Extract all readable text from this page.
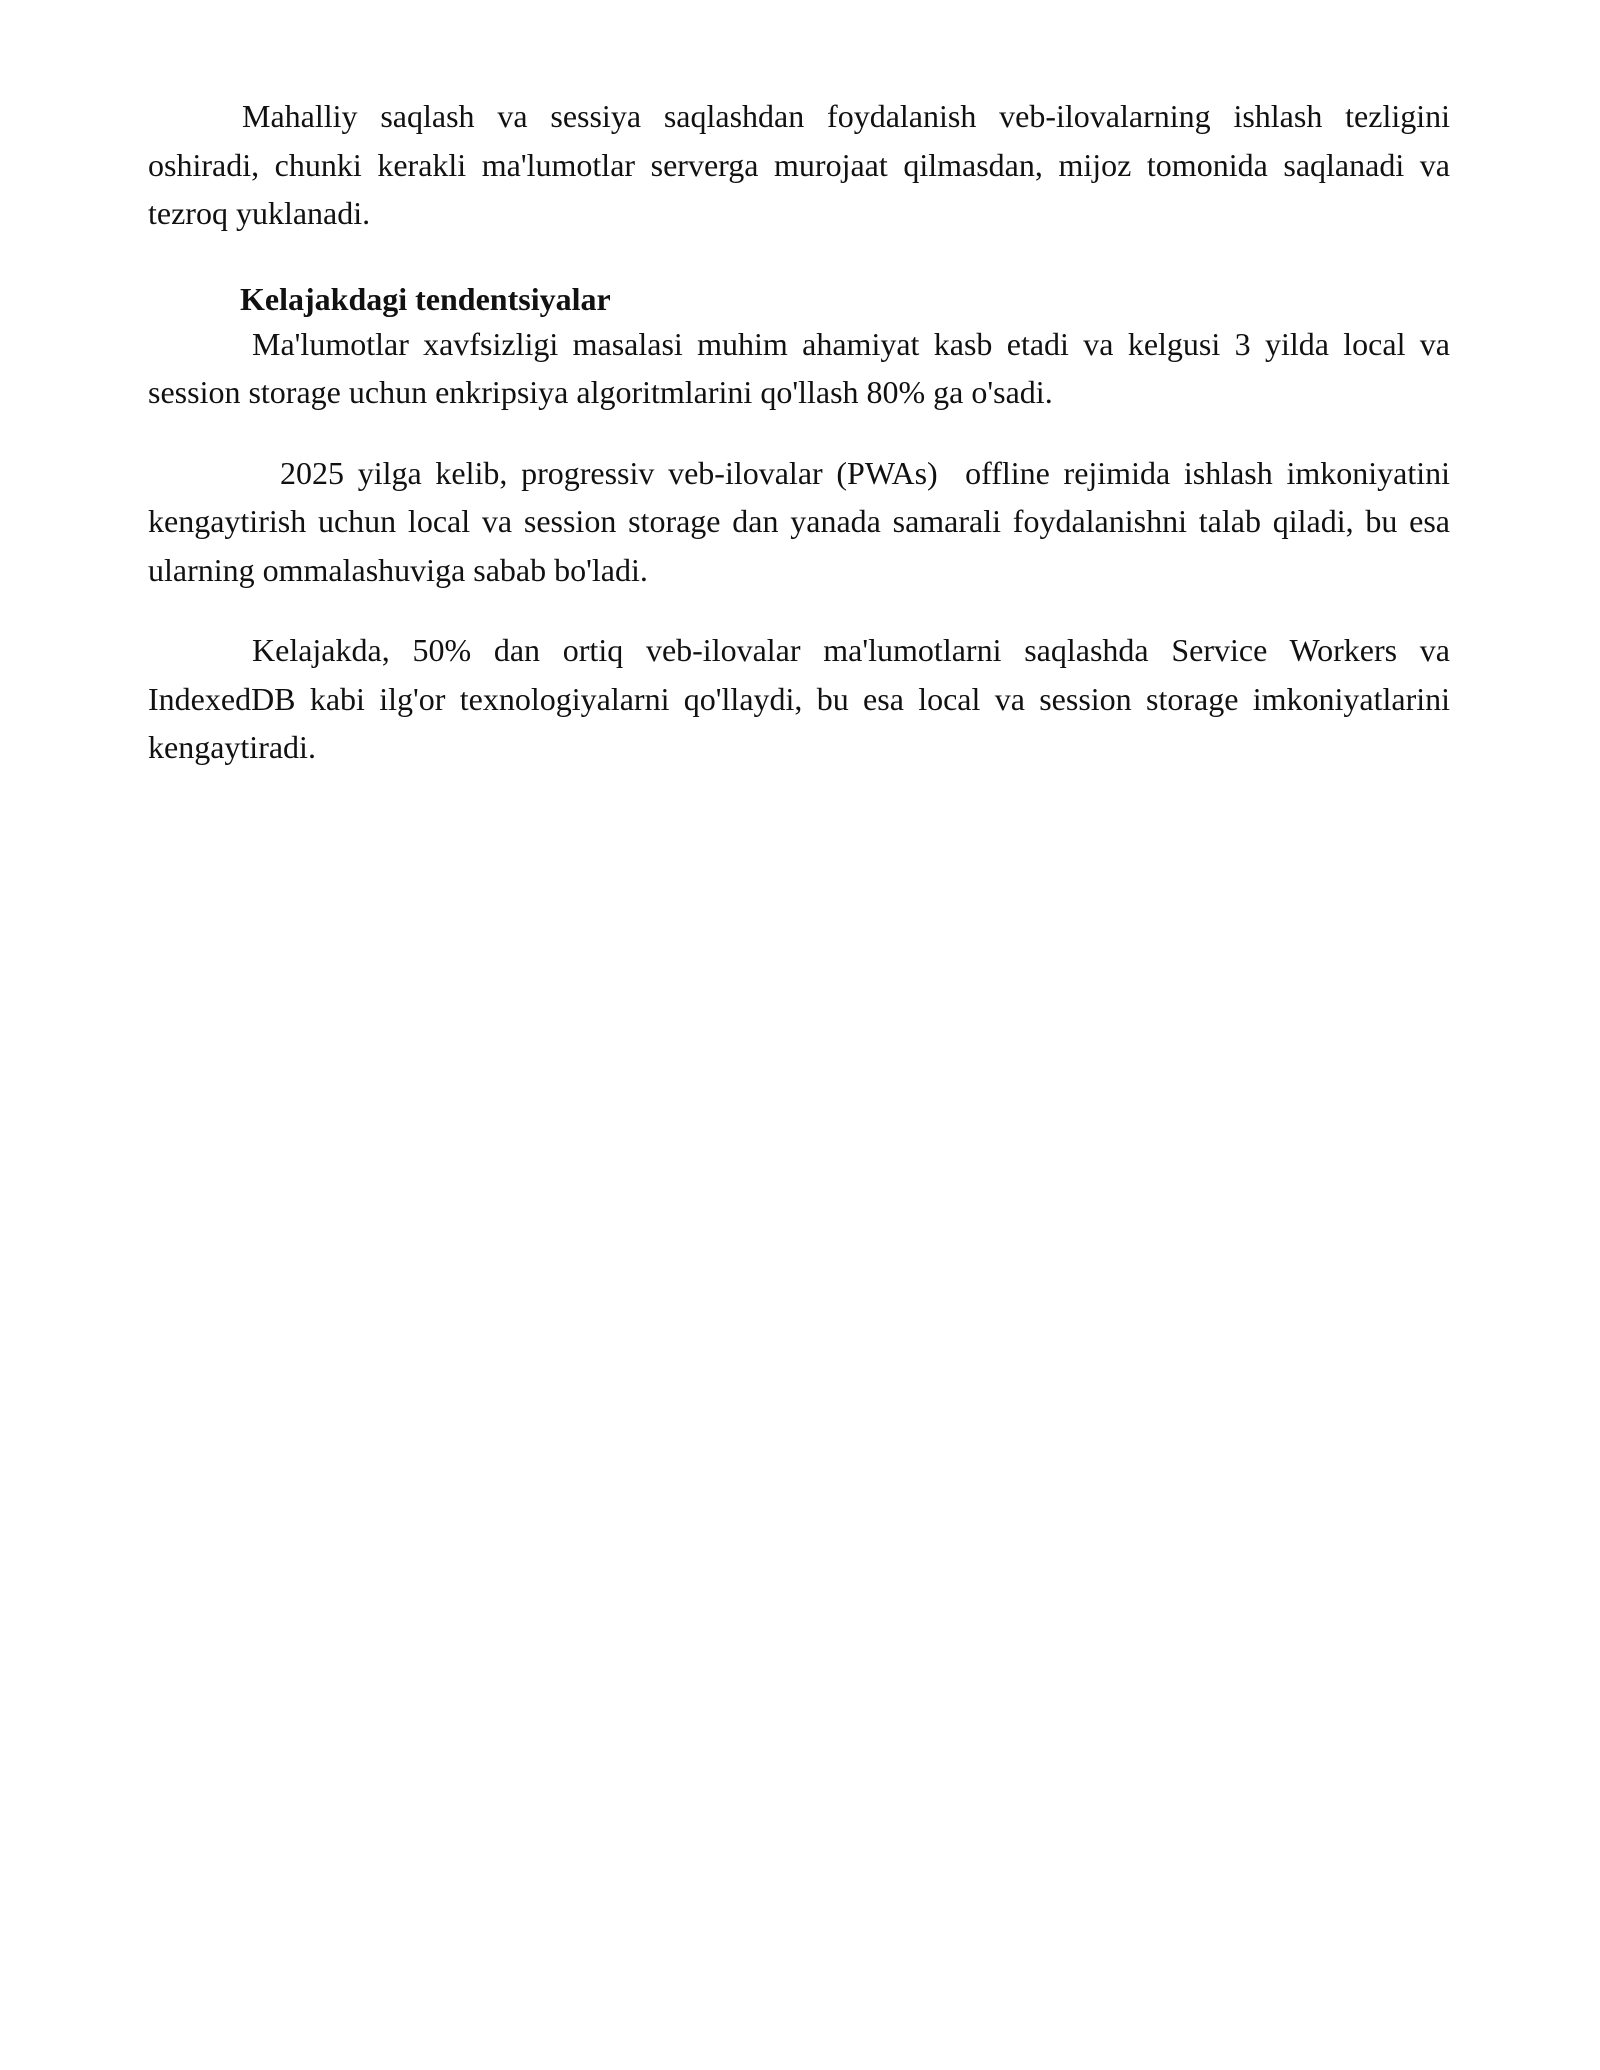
Mahalliy saqlash va sessiya saqlashdan foydalanish veb-ilovalarning ishlash tezligini oshiradi, chunki kerakli ma'lumotlar serverga murojaat qilmasdan, mijoz tomonida saqlanadi va tezroq yuklanadi.

Kelajakdagi tendentsiyalar

Ma'lumotlar xavfsizligi masalasi muhim ahamiyat kasb etadi va kelgusi 3 yilda local va session storage uchun enkripsiya algoritmlarini qo'llash 80% ga o'sadi.

2025 yilga kelib, progressiv veb-ilovalar (PWAs)  offline rejimida ishlash imkoniyatini kengaytirish uchun local va session storage dan yanada samarali foydalanishni talab qiladi, bu esa ularning ommalashuviga sabab bo'ladi.

Kelajakda, 50% dan ortiq veb-ilovalar ma'lumotlarni saqlashda Service Workers va IndexedDB kabi ilg'or texnologiyalarni qo'llaydi, bu esa local va session storage imkoniyatlarini kengaytiradi.
